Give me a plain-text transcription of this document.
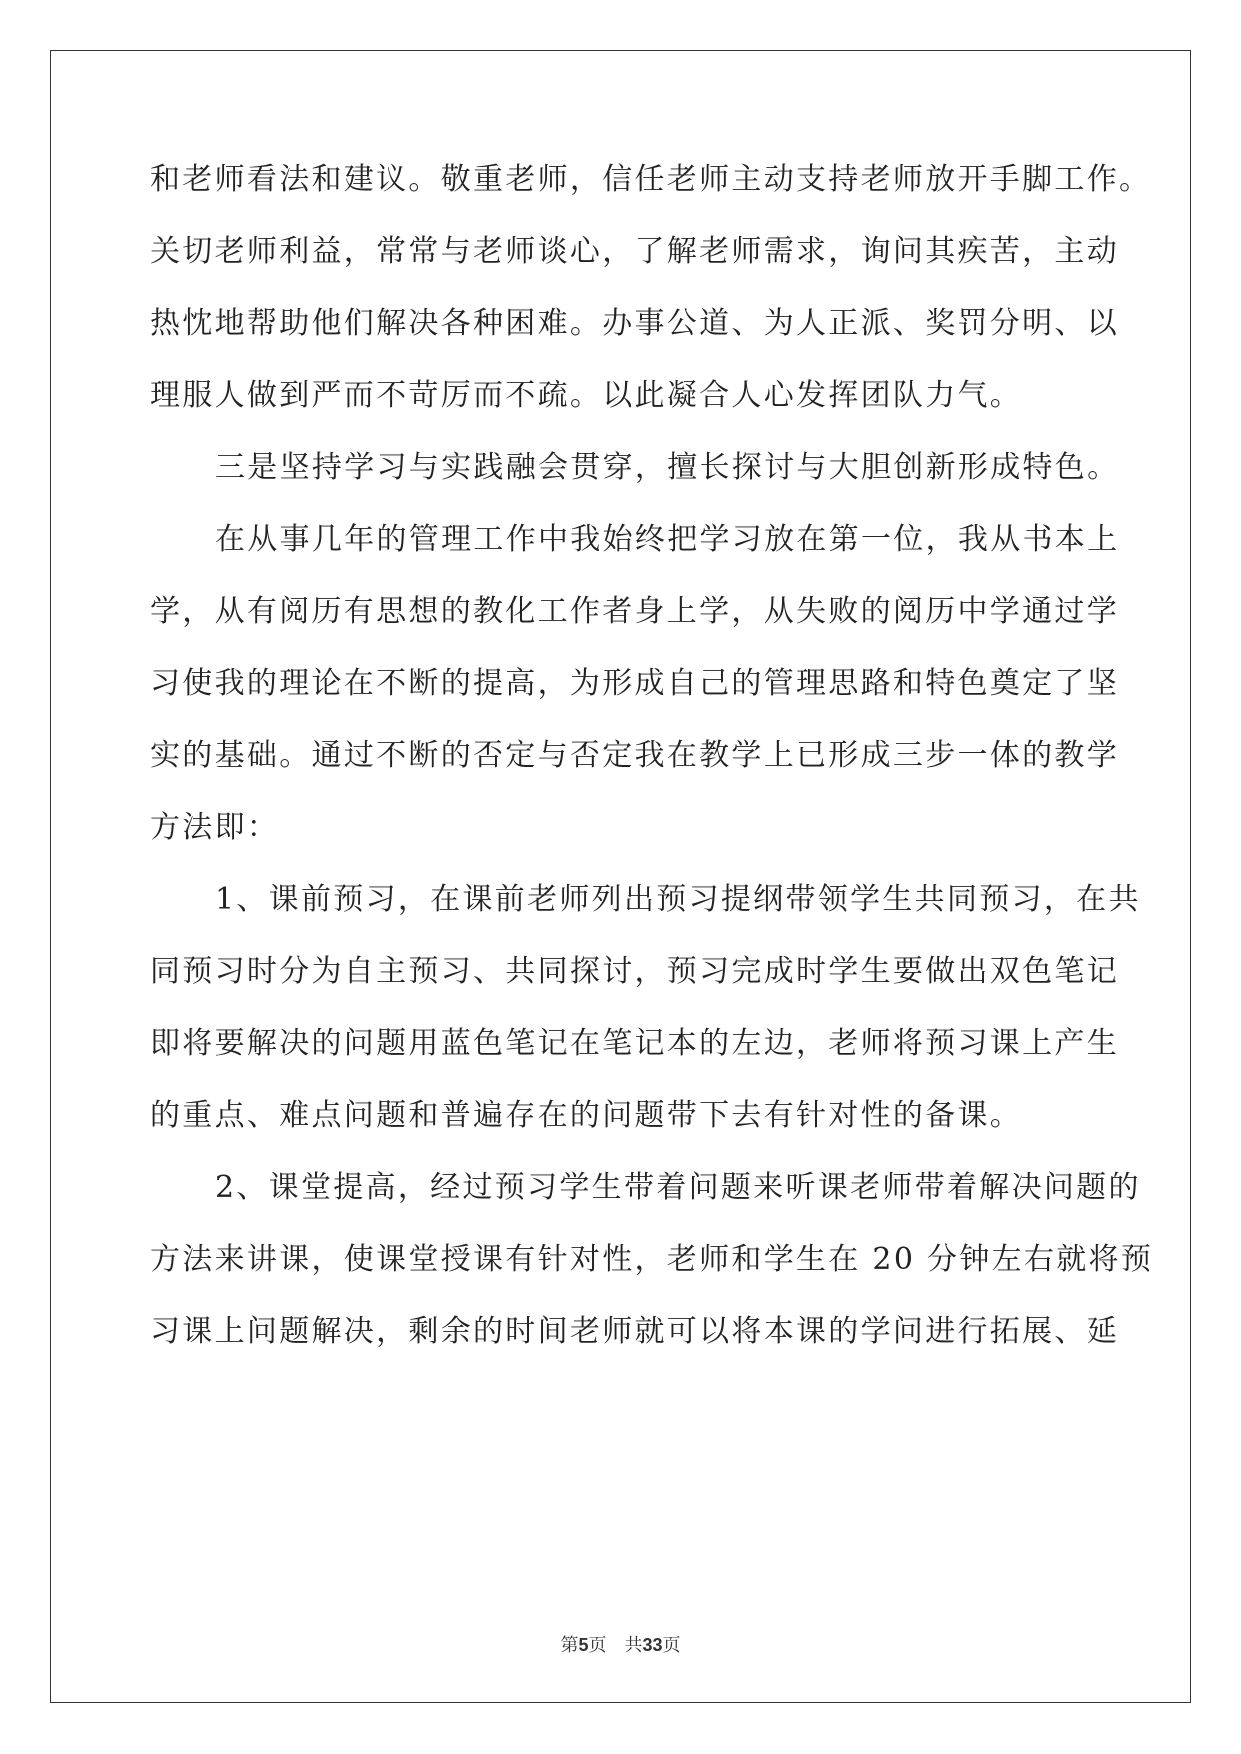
和老师看法和建议。敬重老师，信任老师主动支持老师放开手脚工作。
关切老师利益，常常与老师谈心，了解老师需求，询问其疾苦，主动
热忱地帮助他们解决各种困难。办事公道、为人正派、奖罚分明、以
理服人做到严而不苛厉而不疏。以此凝合人心发挥团队力气。
三是坚持学习与实践融会贯穿，擅长探讨与大胆创新形成特色。
在从事几年的管理工作中我始终把学习放在第一位，我从书本上
学，从有阅历有思想的教化工作者身上学，从失败的阅历中学通过学
习使我的理论在不断的提高，为形成自己的管理思路和特色奠定了坚
实的基础。通过不断的否定与否定我在教学上已形成三步一体的教学
方法即：
1、课前预习，在课前老师列出预习提纲带领学生共同预习，在共
同预习时分为自主预习、共同探讨，预习完成时学生要做出双色笔记
即将要解决的问题用蓝色笔记在笔记本的左边，老师将预习课上产生
的重点、难点问题和普遍存在的问题带下去有针对性的备课。
2、课堂提高，经过预习学生带着问题来听课老师带着解决问题的
方法来讲课，使课堂授课有针对性，老师和学生在 20 分钟左右就将预
习课上问题解决，剩余的时间老师就可以将本课的学问进行拓展、延
第5页 共33页
